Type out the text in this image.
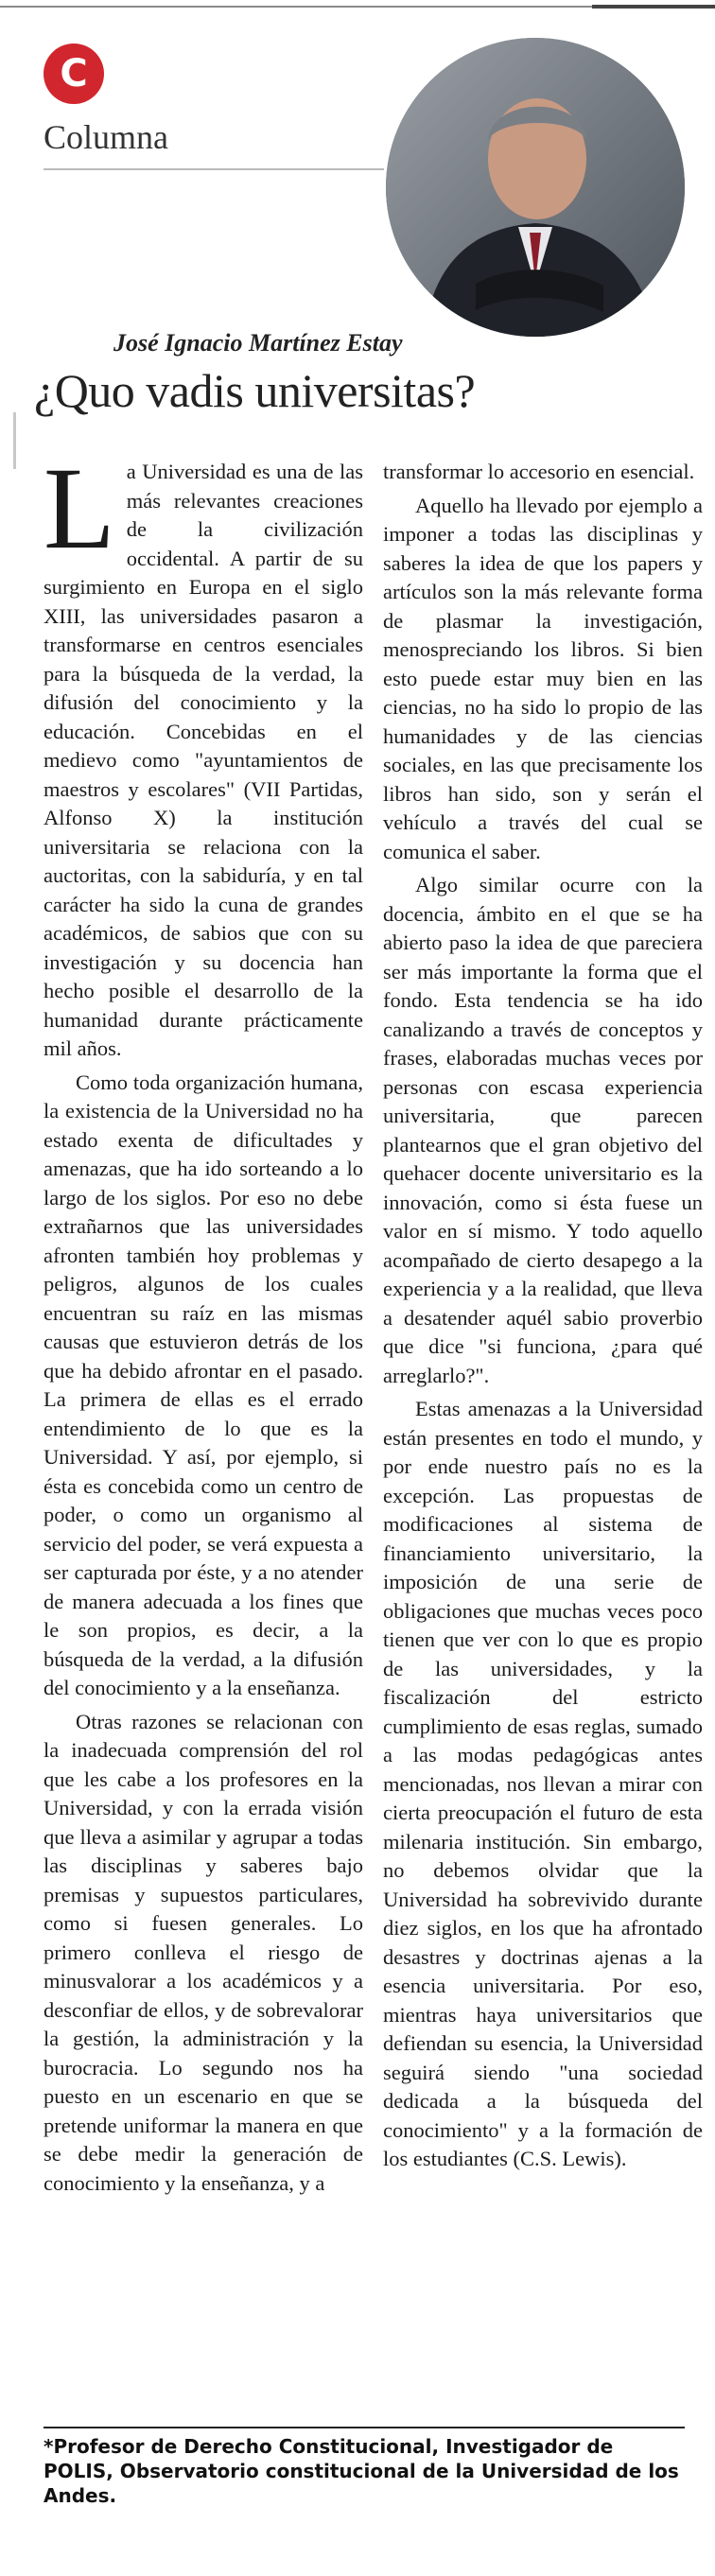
C
Columna
José Ignacio Martínez Estay
¿Quo vadis universitas?

La Universidad es una de las más relevantes creaciones de la civilización occidental. A partir de su surgimiento en Europa en el siglo XIII, las universidades pasaron a transformarse en centros esenciales para la búsqueda de la verdad, la difusión del conocimiento y la educación. Concebidas en el medievo como "ayuntamientos de maestros y escolares" (VII Partidas, Alfonso X) la institución universitaria se relaciona con la auctoritas, con la sabiduría, y en tal carácter ha sido la cuna de grandes académicos, de sabios que con su investigación y su docencia han hecho posible el desarrollo de la humanidad durante prácticamente mil años.

Como toda organización humana, la existencia de la Universidad no ha estado exenta de dificultades y amenazas, que ha ido sorteando a lo largo de los siglos. Por eso no debe extrañarnos que las universidades afronten también hoy problemas y peligros, algunos de los cuales encuentran su raíz en las mismas causas que estuvieron detrás de los que ha debido afrontar en el pasado. La primera de ellas es el errado entendimiento de lo que es la Universidad. Y así, por ejemplo, si ésta es concebida como un centro de poder, o como un organismo al servicio del poder, se verá expuesta a ser capturada por éste, y a no atender de manera adecuada a los fines que le son propios, es decir, a la búsqueda de la verdad, a la difusión del conocimiento y a la enseñanza.

Otras razones se relacionan con la inadecuada comprensión del rol que les cabe a los profesores en la Universidad, y con la errada visión que lleva a asimilar y agrupar a todas las disciplinas y saberes bajo premisas y supuestos particulares, como si fuesen generales. Lo primero conlleva el riesgo de minusvalorar a los académicos y a desconfiar de ellos, y de sobrevalorar la gestión, la administración y la burocracia. Lo segundo nos ha puesto en un escenario en que se pretende uniformar la manera en que se debe medir la generación de conocimiento y la enseñanza, y a

transformar lo accesorio en esencial.

Aquello ha llevado por ejemplo a imponer a todas las disciplinas y saberes la idea de que los papers y artículos son la más relevante forma de plasmar la investigación, menospreciando los libros. Si bien esto puede estar muy bien en las ciencias, no ha sido lo propio de las humanidades y de las ciencias sociales, en las que precisamente los libros han sido, son y serán el vehículo a través del cual se comunica el saber.

Algo similar ocurre con la docencia, ámbito en el que se ha abierto paso la idea de que pareciera ser más importante la forma que el fondo. Esta tendencia se ha ido canalizando a través de conceptos y frases, elaboradas muchas veces por personas con escasa experiencia universitaria, que parecen plantearnos que el gran objetivo del quehacer docente universitario es la innovación, como si ésta fuese un valor en sí mismo. Y todo aquello acompañado de cierto desapego a la experiencia y a la realidad, que lleva a desatender aquél sabio proverbio que dice "si funciona, ¿para qué arreglarlo?".

Estas amenazas a la Universidad están presentes en todo el mundo, y por ende nuestro país no es la excepción. Las propuestas de modificaciones al sistema de financiamiento universitario, la imposición de una serie de obligaciones que muchas veces poco tienen que ver con lo que es propio de las universidades, y la fiscalización del estricto cumplimiento de esas reglas, sumado a las modas pedagógicas antes mencionadas, nos llevan a mirar con cierta preocupación el futuro de esta milenaria institución. Sin embargo, no debemos olvidar que la Universidad ha sobrevivido durante diez siglos, en los que ha afrontado desastres y doctrinas ajenas a la esencia universitaria. Por eso, mientras haya universitarios que defiendan su esencia, la Universidad seguirá siendo "una sociedad dedicada a la búsqueda del conocimiento" y a la formación de los estudiantes (C.S. Lewis).

*Profesor de Derecho Constitucional, Investigador de POLIS, Observatorio constitucional de la Universidad de los Andes.
